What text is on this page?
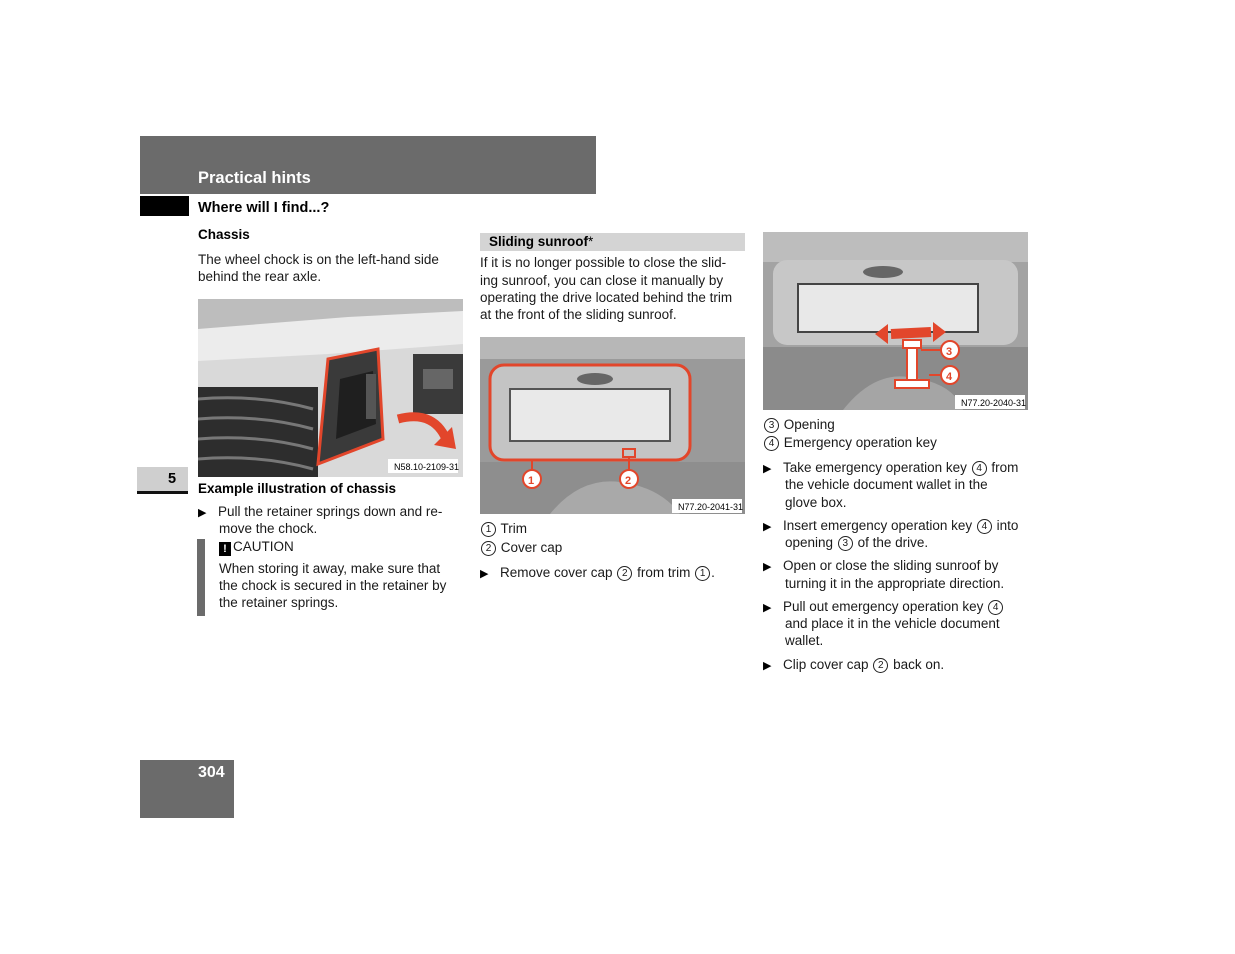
Practical hints
Where will I find...?
5
304
Chassis
The wheel chock is on the left-hand side
behind the rear axle.
N58.10-2109-31
Example illustration of chassis
▶ Pull the retainer springs down and re-
move the chock.
! CAUTION
When storing it away, make sure that
the chock is secured in the retainer by
the retainer springs.
Sliding sunroof*
If it is no longer possible to close the slid-
ing sunroof, you can close it manually by
operating the drive located behind the trim
at the front of the sliding sunroof.
1	2
N77.20-2041-31
1 Trim
2 Cover cap
▶ Remove cover cap 2 from trim 1 .
3
4
N77.20-2040-31
3 Opening
4 Emergency operation key
▶ Take emergency operation key 4 from
the vehicle document wallet in the
glove box.
▶ Insert emergency operation key 4 into
opening 3 of the drive.
▶ Open or close the sliding sunroof by
turning it in the appropriate direction.
▶ Pull out emergency operation key 4
and place it in the vehicle document
wallet.
▶ Clip cover cap 2 back on.
